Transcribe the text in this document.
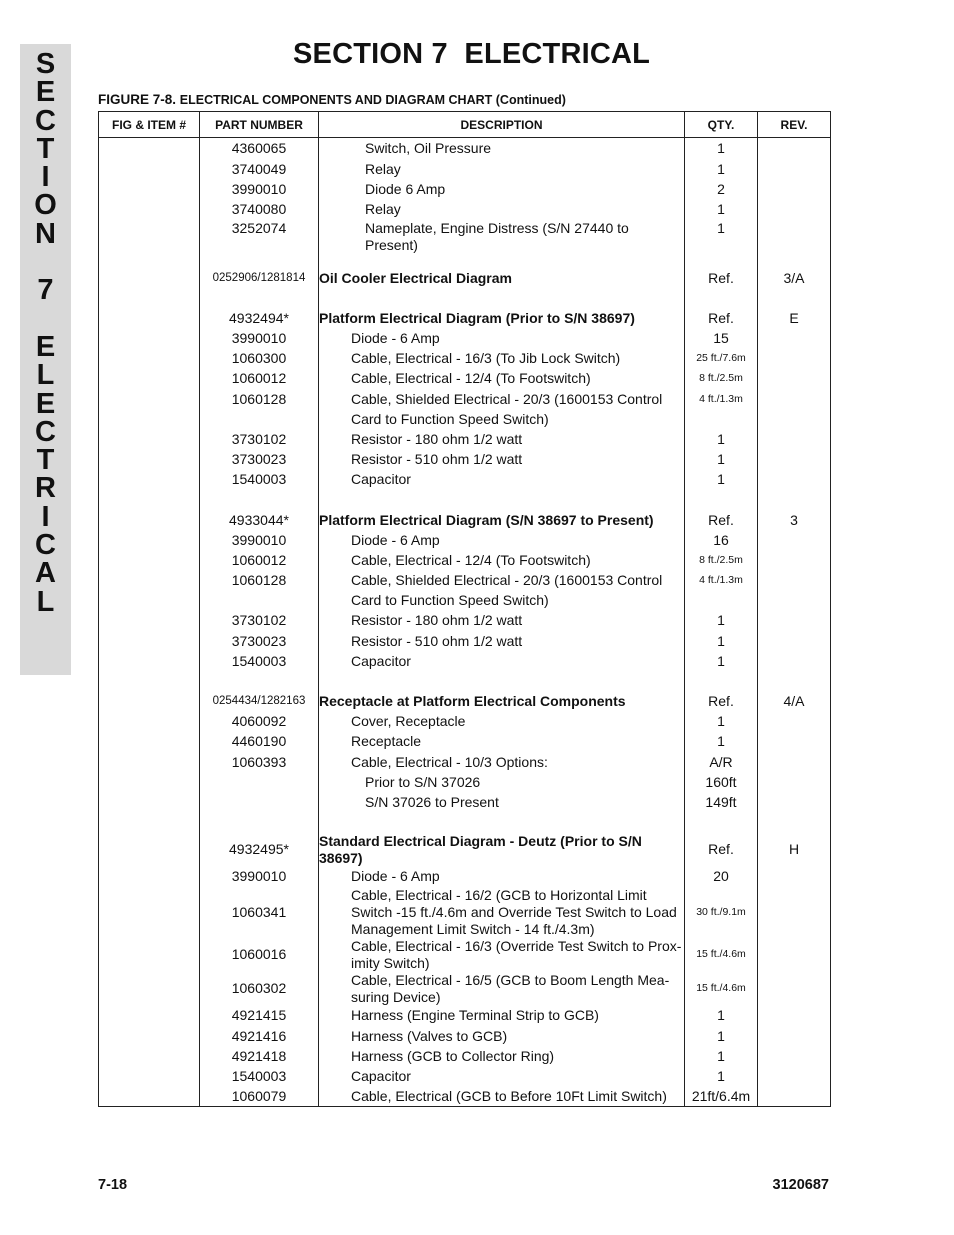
S
E
C
T
I
O
N
7
E
L
E
C
T
R
I
C
A
L
SECTION 7  ELECTRICAL
FIGURE 7-8. ELECTRICAL COMPONENTS AND DIAGRAM CHART (Continued)
FIG & ITEM #	PART NUMBER	DESCRIPTION	QTY.	REV.
	4360065	Switch, Oil Pressure	1	
	3740049	Relay	1	
	3990010	Diode 6 Amp	2	
	3740080	Relay	1	
	3252074	Nameplate, Engine Distress (S/N 27440 to Present)	1	

	0252906/1281814	Oil Cooler Electrical Diagram	Ref.	3/A

	4932494*	Platform Electrical Diagram (Prior to S/N 38697)	Ref.	E
	3990010	Diode - 6 Amp	15	
	1060300	Cable, Electrical - 16/3 (To Jib Lock Switch)	25 ft./7.6m	
	1060012	Cable, Electrical - 12/4 (To Footswitch)	8 ft./2.5m	
	1060128	Cable, Shielded Electrical - 20/3 (1600153 Control	4 ft./1.3m	
		Card to Function Speed Switch)		
	3730102	Resistor - 180 ohm 1/2 watt	1	
	3730023	Resistor - 510 ohm 1/2 watt	1	
	1540003	Capacitor	1	

	4933044*	Platform Electrical Diagram (S/N 38697 to Present)	Ref.	3
	3990010	Diode - 6 Amp	16	
	1060012	Cable, Electrical - 12/4 (To Footswitch)	8 ft./2.5m	
	1060128	Cable, Shielded Electrical - 20/3 (1600153 Control	4 ft./1.3m	
		Card to Function Speed Switch)		
	3730102	Resistor - 180 ohm 1/2 watt	1	
	3730023	Resistor - 510 ohm 1/2 watt	1	
	1540003	Capacitor	1	

	0254434/1282163	Receptacle at Platform Electrical Components	Ref.	4/A
	4060092	Cover, Receptacle	1	
	4460190	Receptacle	1	
	1060393	Cable, Electrical - 10/3 Options:	A/R	
		Prior to S/N 37026	160ft	
		S/N 37026 to Present	149ft	

	4932495*	Standard Electrical Diagram - Deutz (Prior to S/N 38697)	Ref.	H
	3990010	Diode - 6 Amp	20	
	1060341	Cable, Electrical - 16/2 (GCB to Horizontal Limit Switch -15 ft./4.6m and Override Test Switch to Load Management Limit Switch - 14 ft./4.3m)	30 ft./9.1m	
	1060016	Cable, Electrical - 16/3 (Override Test Switch to Prox-imity Switch)	15 ft./4.6m	
	1060302	Cable, Electrical - 16/5 (GCB to Boom Length Mea-suring Device)	15 ft./4.6m	
	4921415	Harness (Engine Terminal Strip to GCB)	1	
	4921416	Harness (Valves to GCB)	1	
	4921418	Harness (GCB to Collector Ring)	1	
	1540003	Capacitor	1	
	1060079	Cable, Electrical (GCB to Before 10Ft Limit Switch)	21ft/6.4m	
7-18	3120687
